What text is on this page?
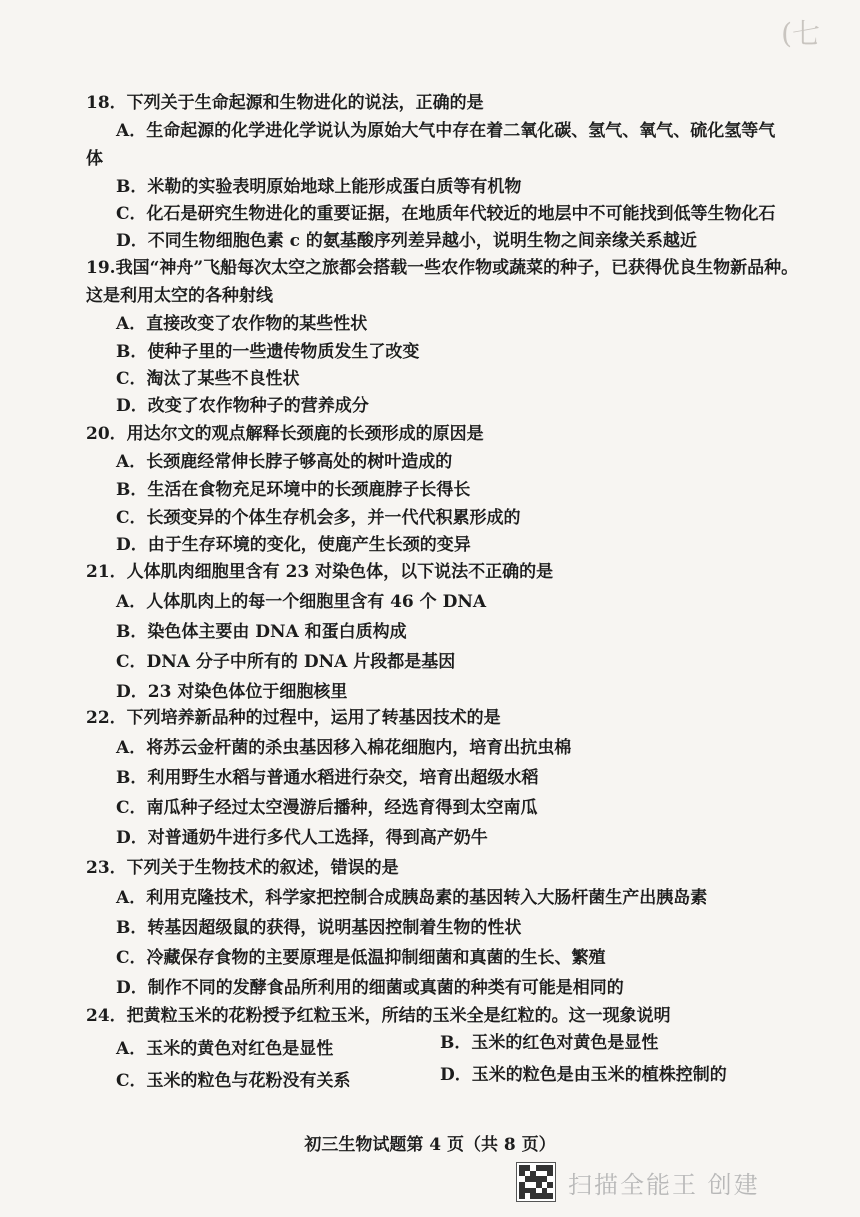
(七
18．下列关于生命起源和生物进化的说法，正确的是
A．生命起源的化学进化学说认为原始大气中存在着二氧化碳、氢气、氧气、硫化氢等气
体
B．米勒的实验表明原始地球上能形成蛋白质等有机物
C．化石是研究生物进化的重要证据，在地质年代较近的地层中不可能找到低等生物化石
D．不同生物细胞色素 c 的氨基酸序列差异越小，说明生物之间亲缘关系越近
19.我国“神舟”飞船每次太空之旅都会搭载一些农作物或蔬菜的种子，已获得优良生物新品种。
这是利用太空的各种射线
A．直接改变了农作物的某些性状
B．使种子里的一些遗传物质发生了改变
C．淘汰了某些不良性状
D．改变了农作物种子的营养成分
20．用达尔文的观点解释长颈鹿的长颈形成的原因是
A．长颈鹿经常伸长脖子够高处的树叶造成的
B．生活在食物充足环境中的长颈鹿脖子长得长
C．长颈变异的个体生存机会多，并一代代积累形成的
D．由于生存环境的变化，使鹿产生长颈的变异
21．人体肌肉细胞里含有 23 对染色体，以下说法不正确的是
A．人体肌肉上的每一个细胞里含有 46 个 DNA
B．染色体主要由 DNA 和蛋白质构成
C．DNA 分子中所有的 DNA 片段都是基因
D．23 对染色体位于细胞核里
22．下列培养新品种的过程中，运用了转基因技术的是
A．将苏云金杆菌的杀虫基因移入棉花细胞内，培育出抗虫棉
B．利用野生水稻与普通水稻进行杂交，培育出超级水稻
C．南瓜种子经过太空漫游后播种，经选育得到太空南瓜
D．对普通奶牛进行多代人工选择，得到高产奶牛
23．下列关于生物技术的叙述，错误的是
A．利用克隆技术，科学家把控制合成胰岛素的基因转入大肠杆菌生产出胰岛素
B．转基因超级鼠的获得，说明基因控制着生物的性状
C．冷藏保存食物的主要原理是低温抑制细菌和真菌的生长、繁殖
D．制作不同的发酵食品所利用的细菌或真菌的种类有可能是相同的
24．把黄粒玉米的花粉授予红粒玉米，所结的玉米全是红粒的。这一现象说明
A．玉米的黄色对红色是显性	B．玉米的红色对黄色是显性
C．玉米的粒色与花粉没有关系	D．玉米的粒色是由玉米的植株控制的
初三生物试题第 4 页（共 8 页）
扫描全能王 创建
